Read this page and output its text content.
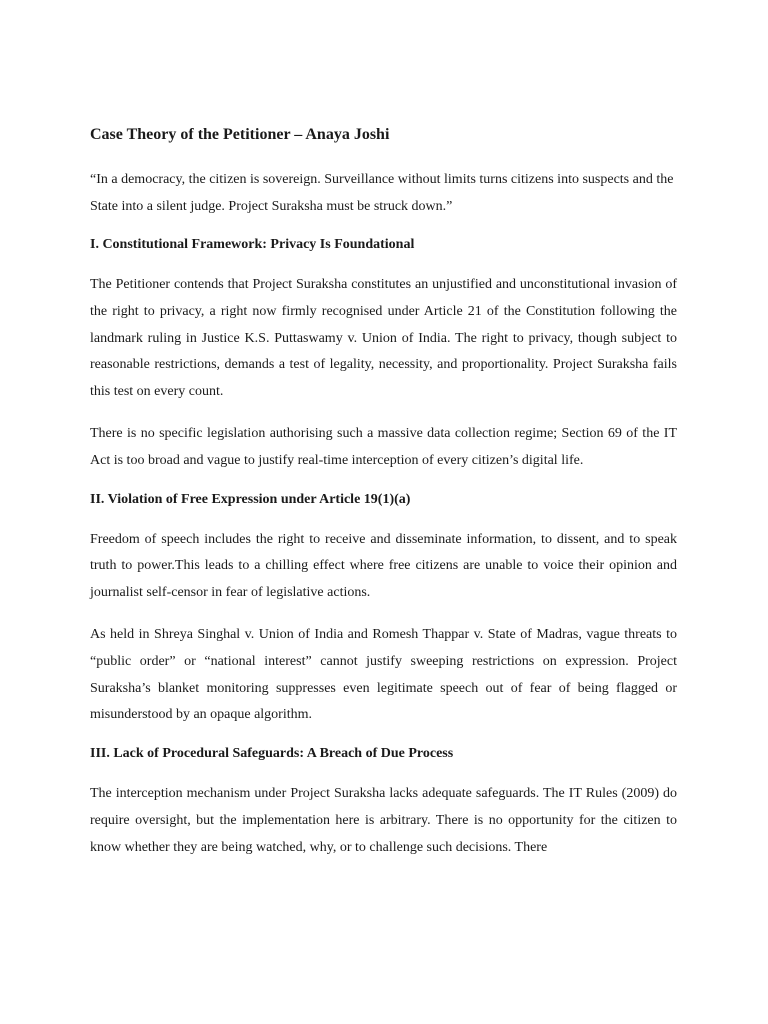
Case Theory of the Petitioner – Anaya Joshi
“In a democracy, the citizen is sovereign. Surveillance without limits turns citizens into suspects and the State into a silent judge. Project Suraksha must be struck down.”
I. Constitutional Framework: Privacy Is Foundational
The Petitioner contends that Project Suraksha constitutes an unjustified and unconstitutional invasion of the right to privacy, a right now firmly recognised under Article 21 of the Constitution following the landmark ruling in Justice K.S. Puttaswamy v. Union of India. The right to privacy, though subject to reasonable restrictions, demands a test of legality, necessity, and proportionality. Project Suraksha fails this test on every count.
There is no specific legislation authorising such a massive data collection regime; Section 69 of the IT Act is too broad and vague to justify real-time interception of every citizen’s digital life.
II. Violation of Free Expression under Article 19(1)(a)
Freedom of speech includes the right to receive and disseminate information, to dissent, and to speak truth to power.This leads to a chilling effect where free citizens are unable to voice their opinion and journalist self-censor in fear of legislative actions.
As held in Shreya Singhal v. Union of India and Romesh Thappar v. State of Madras, vague threats to “public order” or “national interest” cannot justify sweeping restrictions on expression. Project Suraksha’s blanket monitoring suppresses even legitimate speech out of fear of being flagged or misunderstood by an opaque algorithm.
III. Lack of Procedural Safeguards: A Breach of Due Process
The interception mechanism under Project Suraksha lacks adequate safeguards. The IT Rules (2009) do require oversight, but the implementation here is arbitrary. There is no opportunity for the citizen to know whether they are being watched, why, or to challenge such decisions. There
